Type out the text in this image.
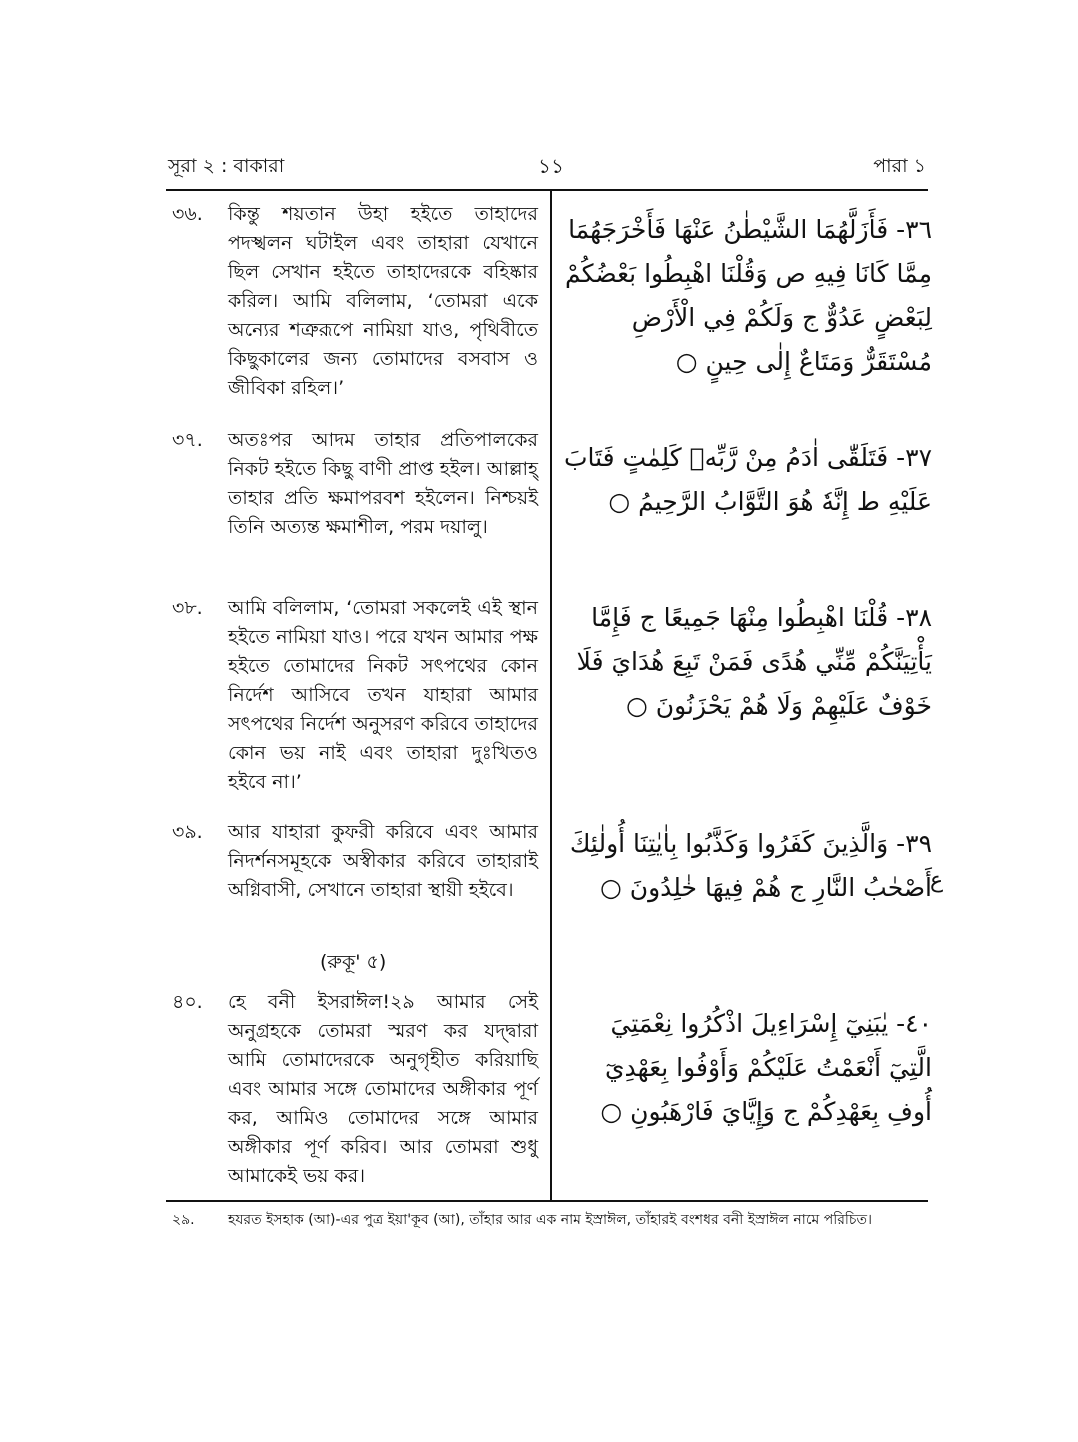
সূরা ২ : বাকারা	১১	পারা ১
৩৬. কিন্তু শয়তান উহা হইতে তাহাদের পদস্খলন ঘটাইল এবং তাহারা যেখানে ছিল সেখান হইতে তাহাদেরকে বহিষ্কার করিল। আমি বলিলাম, ‘তোমরা একে অন্যের শত্রুরূপে নামিয়া যাও, পৃথিবীতে কিছুকালের জন্য তোমাদের বসবাস ও জীবিকা রহিল।’
٣٦- فَأَزَلَّهُمَا الشَّيْطٰنُ عَنْهَا فَأَخْرَجَهُمَا مِمَّا كَانَا فِيهِ ص وَقُلْنَا اهْبِطُوا بَعْضُكُمْ لِبَعْضٍ عَدُوٌّ ج وَلَكُمْ فِي الْأَرْضِ مُسْتَقَرٌّ وَمَتَاعٌ إِلٰى حِينٍ ○
৩৭. অতঃপর আদম তাহার প্রতিপালকের নিকট হইতে কিছু বাণী প্রাপ্ত হইল। আল্লাহ্ তাহার প্রতি ক্ষমাপরবশ হইলেন। নিশ্চয়ই তিনি অত্যন্ত ক্ষমাশীল, পরম দয়ালু।
٣٧- فَتَلَقّٰى اٰدَمُ مِنْ رَّبِّهٖ كَلِمٰتٍ فَتَابَ عَلَيْهِ ط إِنَّهٗ هُوَ التَّوَّابُ الرَّحِيمُ ○
৩৮. আমি বলিলাম, ‘তোমরা সকলেই এই স্থান হইতে নামিয়া যাও। পরে যখন আমার পক্ষ হইতে তোমাদের নিকট সৎপথের কোন নির্দেশ আসিবে তখন যাহারা আমার সৎপথের নির্দেশ অনুসরণ করিবে তাহাদের কোন ভয় নাই এবং তাহারা দুঃখিতও হইবে না।’
٣٨- قُلْنَا اهْبِطُوا مِنْهَا جَمِيعًا ج فَإِمَّا يَأْتِيَنَّكُمْ مِّنِّي هُدًى فَمَنْ تَبِعَ هُدَايَ فَلَا خَوْفٌ عَلَيْهِمْ وَلَا هُمْ يَحْزَنُونَ ○
৩৯. আর যাহারা কুফরী করিবে এবং আমার নিদর্শনসমূহকে অস্বীকার করিবে তাহারাই অগ্নিবাসী, সেখানে তাহারা স্থায়ী হইবে।
٣٩- وَالَّذِينَ كَفَرُوا وَكَذَّبُوا بِاٰيٰتِنَا أُولٰئِكَ أَصْحٰبُ النَّارِ ج هُمْ فِيهَا خٰلِدُونَ ○
ع
(রুকূ' ৫)
৪০. হে বনী ইসরাঈল!২৯ আমার সেই অনুগ্রহকে তোমরা স্মরণ কর যদ্দ্বারা আমি তোমাদেরকে অনুগৃহীত করিয়াছি এবং আমার সঙ্গে তোমাদের অঙ্গীকার পূর্ণ কর, আমিও তোমাদের সঙ্গে আমার অঙ্গীকার পূর্ণ করিব। আর তোমরা শুধু আমাকেই ভয় কর।
٤٠- يٰبَنِيٓ إِسْرَاءِيلَ اذْكُرُوا نِعْمَتِيَ الَّتِيٓ أَنْعَمْتُ عَلَيْكُمْ وَأَوْفُوا بِعَهْدِيٓ أُوفِ بِعَهْدِكُمْ ج وَإِيَّايَ فَارْهَبُونِ ○
২৯. হযরত ইসহাক (আ)-এর পুত্র ইয়া'কূব (আ), তাঁহার আর এক নাম ইস্রাঈল, তাঁহারই বংশধর বনী ইস্রাঈল নামে পরিচিত।
